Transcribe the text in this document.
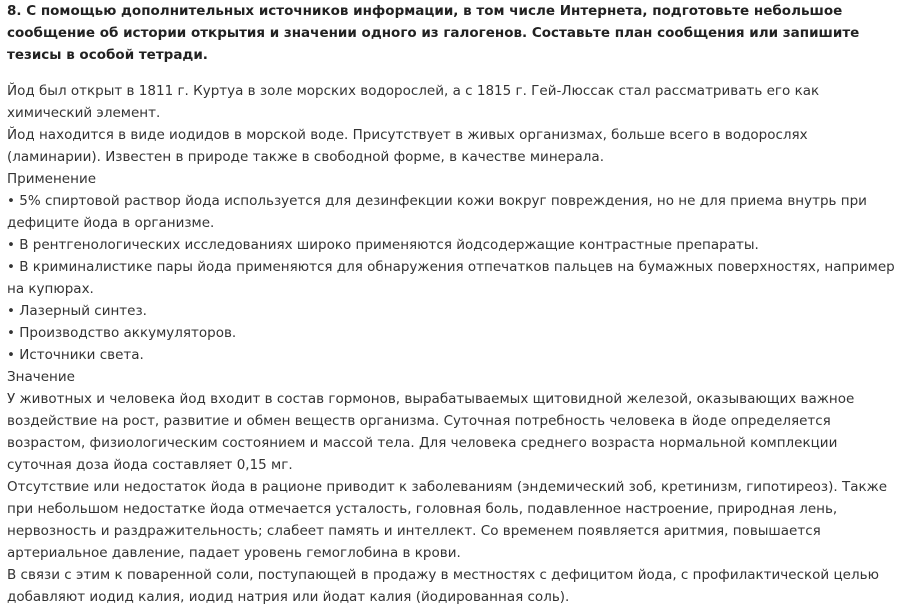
8. С помощью дополнительных источников информации, в том числе Интернета, подготовьте небольшое сообщение об истории открытия и значении одного из галогенов. Составьте план сообщения или запишите тезисы в особой тетради.

Йод был открыт в 1811 г. Куртуа в золе морских водорослей, а с 1815 г. Гей-Люссак стал рассматривать его как химический элемент.

Йод находится в виде иодидов в морской воде. Присутствует в живых организмах, больше всего в водорослях (ламинарии). Известен в природе также в свободной форме, в качестве минерала.

Применение

• 5% спиртовой раствор йода используется для дезинфекции кожи вокруг повреждения, но не для приема внутрь при дефиците йода в организме.

• В рентгенологических исследованиях широко применяются йодсодержащие контрастные препараты.

• В криминалистике пары йода применяются для обнаружения отпечатков пальцев на бумажных поверхностях, например на купюрах.

• Лазерный синтез.

• Производство аккумуляторов.

• Источники света.

Значение

У животных и человека йод входит в состав гормонов, вырабатываемых щитовидной железой, оказывающих важное воздействие на рост, развитие и обмен веществ организма. Суточная потребность человека в йоде определяется возрастом, физиологическим состоянием и массой тела. Для человека среднего возраста нормальной комплекции суточная доза йода составляет 0,15 мг.

Отсутствие или недостаток йода в рационе приводит к заболеваниям (эндемический зоб, кретинизм, гипотиреоз). Также при небольшом недостатке йода отмечается усталость, головная боль, подавленное настроение, природная лень, нервозность и раздражительность; слабеет память и интеллект. Со временем появляется аритмия, повышается артериальное давление, падает уровень гемоглобина в крови.

В связи с этим к поваренной соли, поступающей в продажу в местностях с дефицитом йода, с профилактической целью добавляют иодид калия, иодид натрия или йодат калия (йодированная соль).
